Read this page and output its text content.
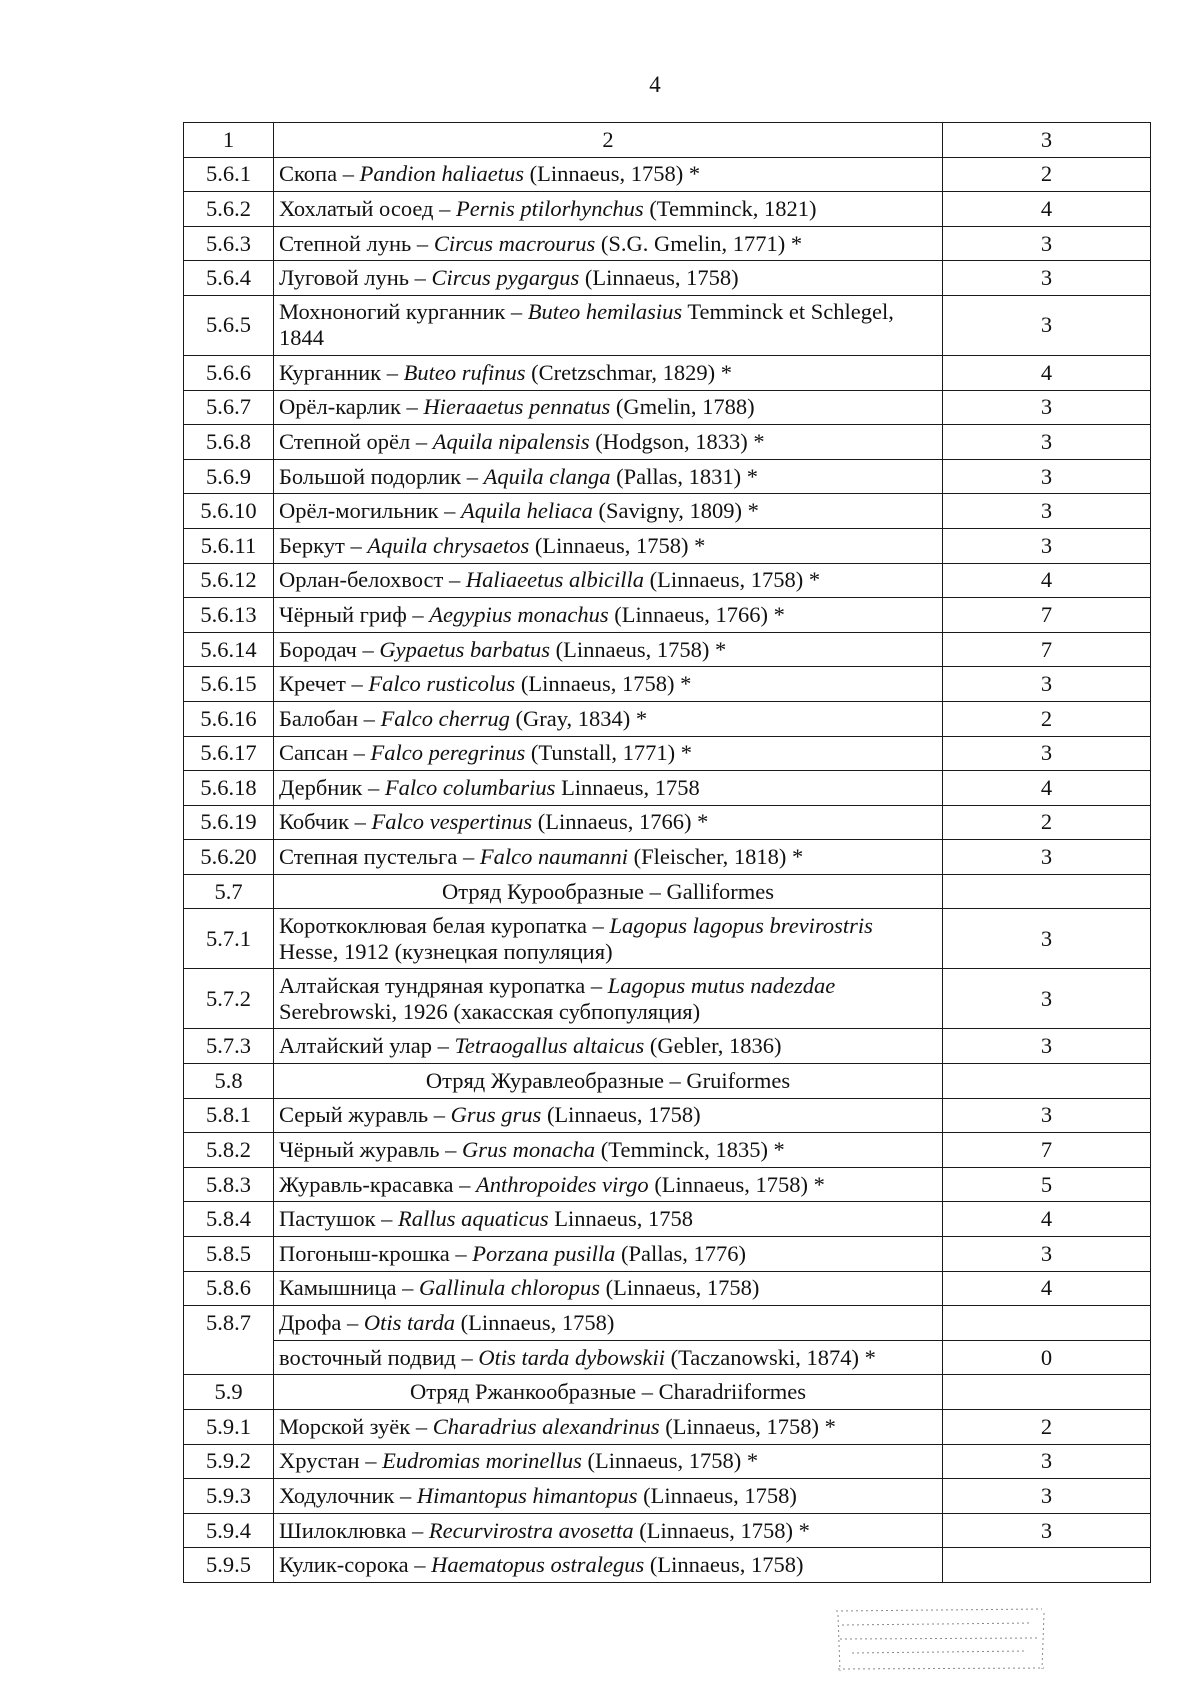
4
1	2	3
5.6.1	Скопа – Pandion haliaetus (Linnaeus, 1758) *	2
5.6.2	Хохлатый осоед – Pernis ptilorhynchus (Temminck, 1821)	4
5.6.3	Степной лунь – Circus macrourus (S.G. Gmelin, 1771) *	3
5.6.4	Луговой лунь – Circus pygargus (Linnaeus, 1758)	3
5.6.5	Мохноногий курганник – Buteo hemilasius Temminck et Schlegel, 1844	3
5.6.6	Курганник – Buteo rufinus (Cretzschmar, 1829) *	4
5.6.7	Орёл-карлик – Hieraaetus pennatus (Gmelin, 1788)	3
5.6.8	Степной орёл – Aquila nipalensis (Hodgson, 1833) *	3
5.6.9	Большой подорлик – Aquila clanga (Pallas, 1831) *	3
5.6.10	Орёл-могильник – Aquila heliaca (Savigny, 1809) *	3
5.6.11	Беркут – Aquila chrysaetos (Linnaeus, 1758) *	3
5.6.12	Орлан-белохвост – Haliaeetus albicilla (Linnaeus, 1758) *	4
5.6.13	Чёрный гриф – Aegypius monachus (Linnaeus, 1766) *	7
5.6.14	Бородач – Gypaetus barbatus (Linnaeus, 1758) *	7
5.6.15	Кречет – Falco rusticolus (Linnaeus, 1758) *	3
5.6.16	Балобан – Falco cherrug (Gray, 1834) *	2
5.6.17	Сапсан – Falco peregrinus (Tunstall, 1771) *	3
5.6.18	Дербник – Falco columbarius Linnaeus, 1758	4
5.6.19	Кобчик – Falco vespertinus (Linnaeus, 1766) *	2
5.6.20	Степная пустельга – Falco naumanni (Fleischer, 1818) *	3
5.7	Отряд Курообразные – Galliformes	
5.7.1	Короткоклювая белая куропатка – Lagopus lagopus brevirostris Hesse, 1912 (кузнецкая популяция)	3
5.7.2	Алтайская тундряная куропатка – Lagopus mutus nadezdae Serebrowski, 1926 (хакасская субпопуляция)	3
5.7.3	Алтайский улар – Tetraogallus altaicus (Gebler, 1836)	3
5.8	Отряд Журавлеобразные – Gruiformes	
5.8.1	Серый журавль – Grus grus (Linnaeus, 1758)	3
5.8.2	Чёрный журавль – Grus monacha (Temminck, 1835) *	7
5.8.3	Журавль-красавка – Anthropoides virgo (Linnaeus, 1758) *	5
5.8.4	Пастушок – Rallus aquaticus Linnaeus, 1758	4
5.8.5	Погоныш-крошка – Porzana pusilla (Pallas, 1776)	3
5.8.6	Камышница – Gallinula chloropus (Linnaeus, 1758)	4
5.8.7	Дрофа – Otis tarda (Linnaeus, 1758)	
	восточный подвид – Otis tarda dybowskii (Taczanowski, 1874) *	0
5.9	Отряд Ржанкообразные – Charadriiformes	
5.9.1	Морской зуёк – Charadrius alexandrinus (Linnaeus, 1758) *	2
5.9.2	Хрустан – Eudromias morinellus (Linnaeus, 1758) *	3
5.9.3	Ходулочник – Himantopus himantopus (Linnaeus, 1758)	3
5.9.4	Шилоклювка – Recurvirostra avosetta (Linnaeus, 1758) *	3
5.9.5	Кулик-сорока – Haematopus ostralegus (Linnaeus, 1758)	
